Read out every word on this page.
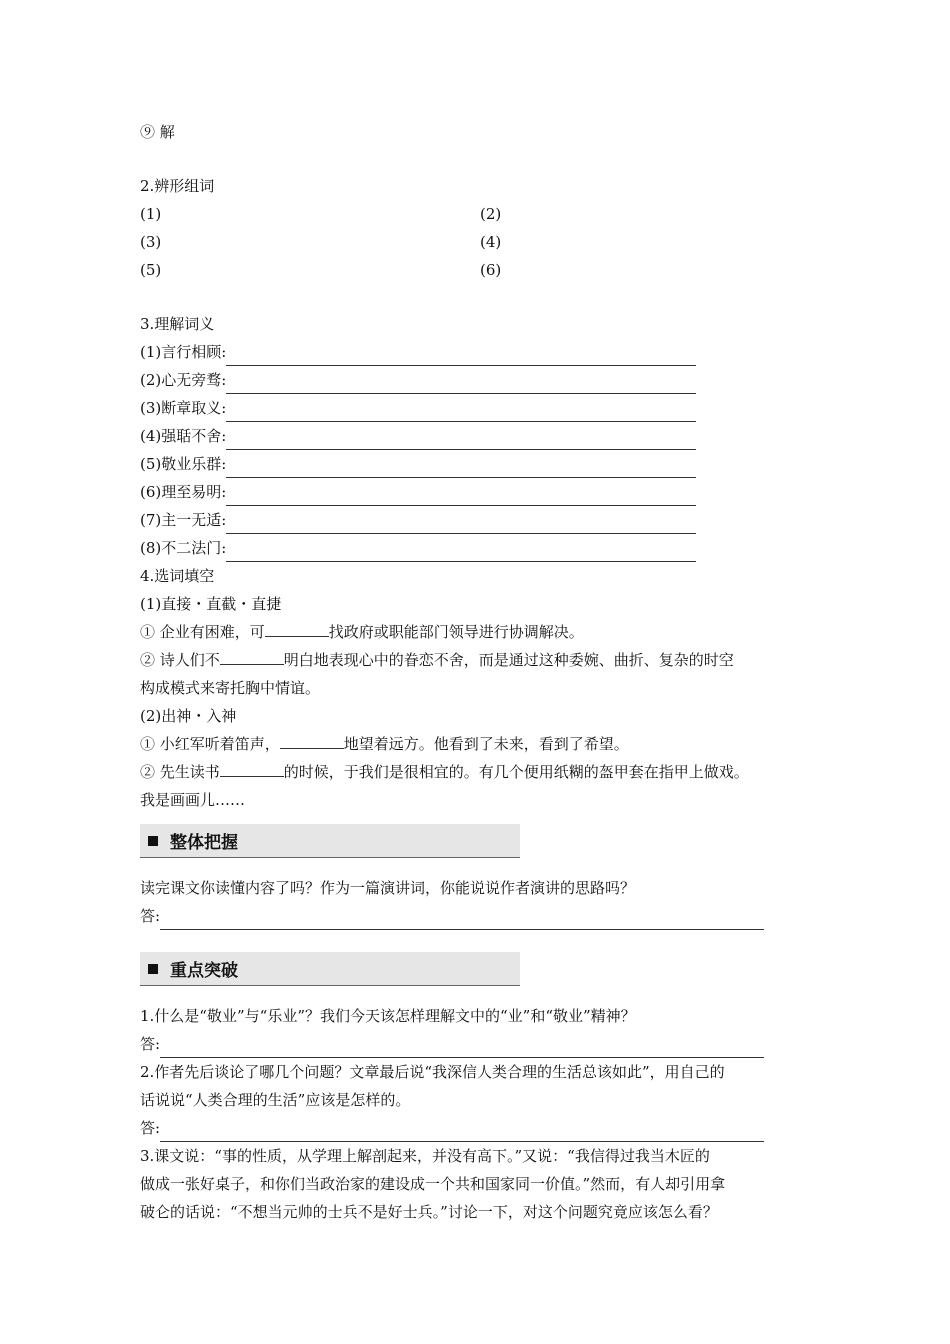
⑨ 解
2.辨形组词
(1)	(2)
(3)	(4)
(5)	(6)
3.理解词义
(1)言行相顾:
(2)心无旁骛:
(3)断章取义:
(4)强聒不舍:
(5)敬业乐群:
(6)理至易明:
(7)主一无适:
(8)不二法门:
4.选词填空
(1)直接・直截・直捷
① 企业有困难，可	找政府或职能部门领导进行协调解决。
② 诗人们不	明白地表现心中的眷恋不舍，而是通过这种委婉、曲折、复杂的时空
构成模式来寄托胸中情谊。
(2)出神・入神
① 小红军听着笛声，	地望着远方。他看到了未来，看到了希望。
② 先生读书	的时候，于我们是很相宜的。有几个便用纸糊的盔甲套在指甲上做戏。
我是画画儿……
整体把握
读完课文你读懂内容了吗？作为一篇演讲词，你能说说作者演讲的思路吗？
答:
重点突破
1.什么是“敬业”与“乐业”？我们今天该怎样理解文中的“业”和“敬业”精神？
答:
2.作者先后谈论了哪几个问题？文章最后说“我深信人类合理的生活总该如此”，用自己的
话说说“人类合理的生活”应该是怎样的。
答:
3.课文说：“事的性质，从学理上解剖起来，并没有高下。”又说：“我信得过我当木匠的
做成一张好桌子，和你们当政治家的建设成一个共和国家同一价值。”然而，有人却引用拿
破仑的话说：“不想当元帅的士兵不是好士兵。”讨论一下，对这个问题究竟应该怎么看？
